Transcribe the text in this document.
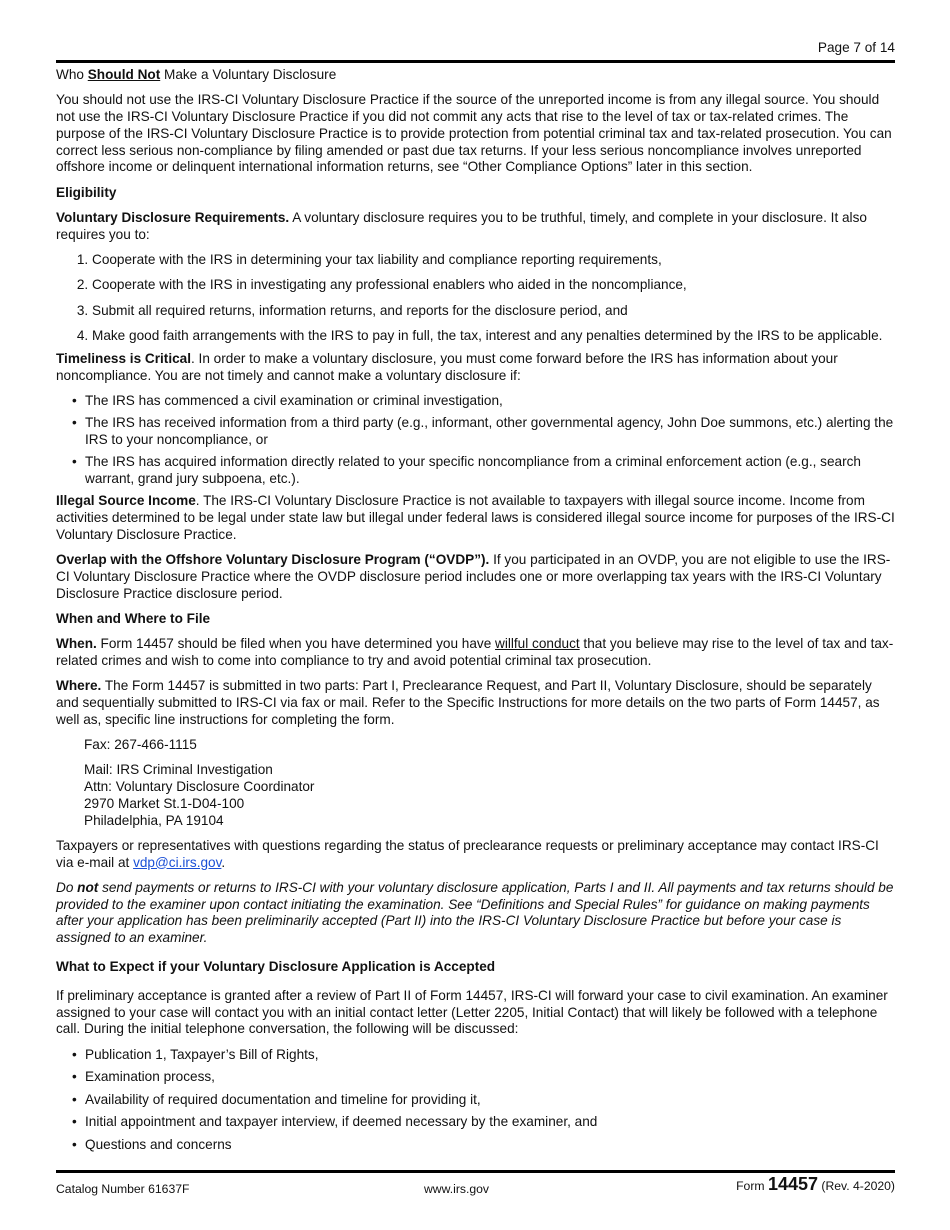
Page 7 of 14

Who Should Not Make a Voluntary Disclosure

You should not use the IRS-CI Voluntary Disclosure Practice if the source of the unreported income is from any illegal source. You should not use the IRS-CI Voluntary Disclosure Practice if you did not commit any acts that rise to the level of tax or tax-related crimes. The purpose of the IRS-CI Voluntary Disclosure Practice is to provide protection from potential criminal tax and tax-related prosecution. You can correct less serious non-compliance by filing amended or past due tax returns. If your less serious noncompliance involves unreported offshore income or delinquent international information returns, see “Other Compliance Options” later in this section.

Eligibility

Voluntary Disclosure Requirements. A voluntary disclosure requires you to be truthful, timely, and complete in your disclosure. It also requires you to:

1. Cooperate with the IRS in determining your tax liability and compliance reporting requirements,
2. Cooperate with the IRS in investigating any professional enablers who aided in the noncompliance,
3. Submit all required returns, information returns, and reports for the disclosure period, and
4. Make good faith arrangements with the IRS to pay in full, the tax, interest and any penalties determined by the IRS to be applicable.

Timeliness is Critical. In order to make a voluntary disclosure, you must come forward before the IRS has information about your noncompliance. You are not timely and cannot make a voluntary disclosure if:

• The IRS has commenced a civil examination or criminal investigation,
• The IRS has received information from a third party (e.g., informant, other governmental agency, John Doe summons, etc.) alerting the IRS to your noncompliance, or
• The IRS has acquired information directly related to your specific noncompliance from a criminal enforcement action (e.g., search warrant, grand jury subpoena, etc.).

Illegal Source Income. The IRS-CI Voluntary Disclosure Practice is not available to taxpayers with illegal source income. Income from activities determined to be legal under state law but illegal under federal laws is considered illegal source income for purposes of the IRS-CI Voluntary Disclosure Practice.

Overlap with the Offshore Voluntary Disclosure Program (“OVDP”). If you participated in an OVDP, you are not eligible to use the IRS-CI Voluntary Disclosure Practice where the OVDP disclosure period includes one or more overlapping tax years with the IRS-CI Voluntary Disclosure Practice disclosure period.

When and Where to File

When. Form 14457 should be filed when you have determined you have willful conduct that you believe may rise to the level of tax and tax-related crimes and wish to come into compliance to try and avoid potential criminal tax prosecution.

Where. The Form 14457 is submitted in two parts: Part I, Preclearance Request, and Part II, Voluntary Disclosure, should be separately and sequentially submitted to IRS-CI via fax or mail. Refer to the Specific Instructions for more details on the two parts of Form 14457, as well as, specific line instructions for completing the form.

Fax: 267-466-1115

Mail: IRS Criminal Investigation
Attn: Voluntary Disclosure Coordinator
2970 Market St.1-D04-100
Philadelphia, PA 19104

Taxpayers or representatives with questions regarding the status of preclearance requests or preliminary acceptance may contact IRS-CI via e-mail at vdp@ci.irs.gov.

Do not send payments or returns to IRS-CI with your voluntary disclosure application, Parts I and II. All payments and tax returns should be provided to the examiner upon contact initiating the examination. See “Definitions and Special Rules” for guidance on making payments after your application has been preliminarily accepted (Part II) into the IRS-CI Voluntary Disclosure Practice but before your case is assigned to an examiner.

What to Expect if your Voluntary Disclosure Application is Accepted

If preliminary acceptance is granted after a review of Part II of Form 14457, IRS-CI will forward your case to civil examination. An examiner assigned to your case will contact you with an initial contact letter (Letter 2205, Initial Contact) that will likely be followed with a telephone call. During the initial telephone conversation, the following will be discussed:

• Publication 1, Taxpayer’s Bill of Rights,
• Examination process,
• Availability of required documentation and timeline for providing it,
• Initial appointment and taxpayer interview, if deemed necessary by the examiner, and
• Questions and concerns
Catalog Number 61637F	www.irs.gov	Form 14457 (Rev. 4-2020)
